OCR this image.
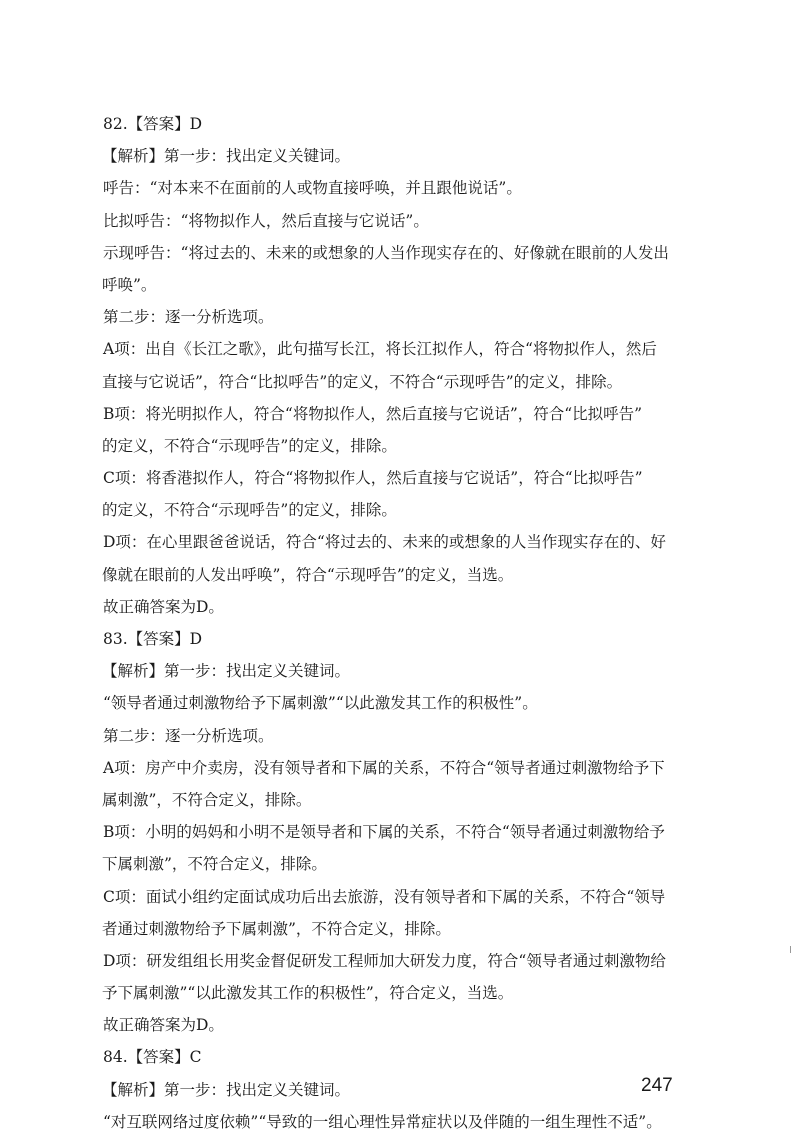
82.【答案】D
【解析】第一步：找出定义关键词。
呼告：“对本来不在面前的人或物直接呼唤，并且跟他说话”。
比拟呼告：“将物拟作人，然后直接与它说话”。
示现呼告：“将过去的、未来的或想象的人当作现实存在的、好像就在眼前的人发出
呼唤”。
第二步：逐一分析选项。
A项：出自《长江之歌》，此句描写长江，将长江拟作人，符合“将物拟作人，然后
直接与它说话”，符合“比拟呼告”的定义，不符合“示现呼告”的定义，排除。
B项：将光明拟作人，符合“将物拟作人，然后直接与它说话”，符合“比拟呼告”
的定义，不符合“示现呼告”的定义，排除。
C项：将香港拟作人，符合“将物拟作人，然后直接与它说话”，符合“比拟呼告”
的定义，不符合“示现呼告”的定义，排除。
D项：在心里跟爸爸说话，符合“将过去的、未来的或想象的人当作现实存在的、好
像就在眼前的人发出呼唤”，符合“示现呼告”的定义，当选。
故正确答案为D。
83.【答案】D
【解析】第一步：找出定义关键词。
“领导者通过刺激物给予下属刺激”“以此激发其工作的积极性”。
第二步：逐一分析选项。
A项：房产中介卖房，没有领导者和下属的关系，不符合“领导者通过刺激物给予下
属刺激”，不符合定义，排除。
B项：小明的妈妈和小明不是领导者和下属的关系，不符合“领导者通过刺激物给予
下属刺激”，不符合定义，排除。
C项：面试小组约定面试成功后出去旅游，没有领导者和下属的关系，不符合“领导
者通过刺激物给予下属刺激”，不符合定义，排除。
D项：研发组组长用奖金督促研发工程师加大研发力度，符合“领导者通过刺激物给
予下属刺激”“以此激发其工作的积极性”，符合定义，当选。
故正确答案为D。
84.【答案】C
【解析】第一步：找出定义关键词。
“对互联网络过度依赖”“导致的一组心理性异常症状以及伴随的一组生理性不适”。
247
